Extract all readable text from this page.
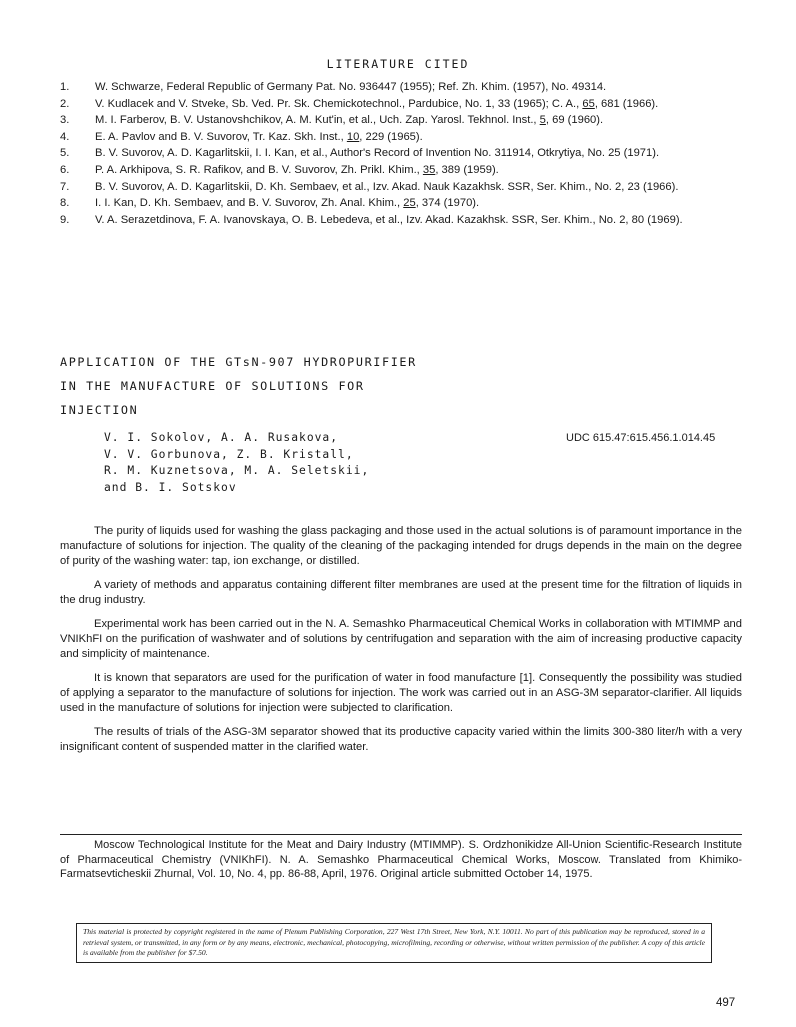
LITERATURE CITED
1.	W. Schwarze, Federal Republic of Germany Pat. No. 936447 (1955); Ref. Zh. Khim. (1957), No. 49314.
2.	V. Kudlacek and V. Stveke, Sb. Ved. Pr. Sk. Chemickotechnol., Pardubice, No. 1, 33 (1965); C. A., 65, 681 (1966).
3.	M. I. Farberov, B. V. Ustanovshchikov, A. M. Kut'in, et al., Uch. Zap. Yarosl. Tekhnol. Inst., 5, 69 (1960).
4.	E. A. Pavlov and B. V. Suvorov, Tr. Kaz. Skh. Inst., 10, 229 (1965).
5.	B. V. Suvorov, A. D. Kagarlitskii, I. I. Kan, et al., Author's Record of Invention No. 311914, Otkrytiya, No. 25 (1971).
6.	P. A. Arkhipova, S. R. Rafikov, and B. V. Suvorov, Zh. Prikl. Khim., 35, 389 (1959).
7.	B. V. Suvorov, A. D. Kagarlitskii, D. Kh. Sembaev, et al., Izv. Akad. Nauk Kazakhsk. SSR, Ser. Khim., No. 2, 23 (1966).
8.	I. I. Kan, D. Kh. Sembaev, and B. V. Suvorov, Zh. Anal. Khim., 25, 374 (1970).
9.	V. A. Serazetdinova, F. A. Ivanovskaya, O. B. Lebedeva, et al., Izv. Akad. Kazakhsk. SSR, Ser. Khim., No. 2, 80 (1969).
APPLICATION OF THE GTsN-907 HYDROPURIFIER
IN THE MANUFACTURE OF SOLUTIONS FOR
INJECTION
V. I. Sokolov, A. A. Rusakova,
V. V. Gorbunova, Z. B. Kristall,
R. M. Kuznetsova, M. A. Seletskii,
and B. I. Sotskov
UDC 615.47:615.456.1.014.45

The purity of liquids used for washing the glass packaging and those used in the actual solutions is of paramount importance in the manufacture of solutions for injection. The quality of the cleaning of the packaging intended for drugs depends in the main on the degree of purity of the washing water: tap, ion exchange, or distilled.

A variety of methods and apparatus containing different filter membranes are used at the present time for the filtration of liquids in the drug industry.

Experimental work has been carried out in the N. A. Semashko Pharmaceutical Chemical Works in collaboration with MTIMMP and VNIKhFI on the purification of washwater and of solutions by centrifugation and separation with the aim of increasing productive capacity and simplicity of maintenance.

It is known that separators are used for the purification of water in food manufacture [1]. Consequently the possibility was studied of applying a separator to the manufacture of solutions for injection. The work was carried out in an ASG-3M separator-clarifier. All liquids used in the manufacture of solutions for injection were subjected to clarification.

The results of trials of the ASG-3M separator showed that its productive capacity varied within the limits 300-380 liter/h with a very insignificant content of suspended matter in the clarified water.

Moscow Technological Institute for the Meat and Dairy Industry (MTIMMP). S. Ordzhonikidze All-Union Scientific-Research Institute of Pharmaceutical Chemistry (VNIKhFI). N. A. Semashko Pharmaceutical Chemical Works, Moscow. Translated from Khimiko-Farmatsevticheskii Zhurnal, Vol. 10, No. 4, pp. 86-88, April, 1976. Original article submitted October 14, 1975.
This material is protected by copyright registered in the name of Plenum Publishing Corporation, 227 West 17th Street, New York, N.Y. 10011. No part of this publication may be reproduced, stored in a retrieval system, or transmitted, in any form or by any means, electronic, mechanical, photocopying, microfilming, recording or otherwise, without written permission of the publisher. A copy of this article is available from the publisher for $7.50.
497
